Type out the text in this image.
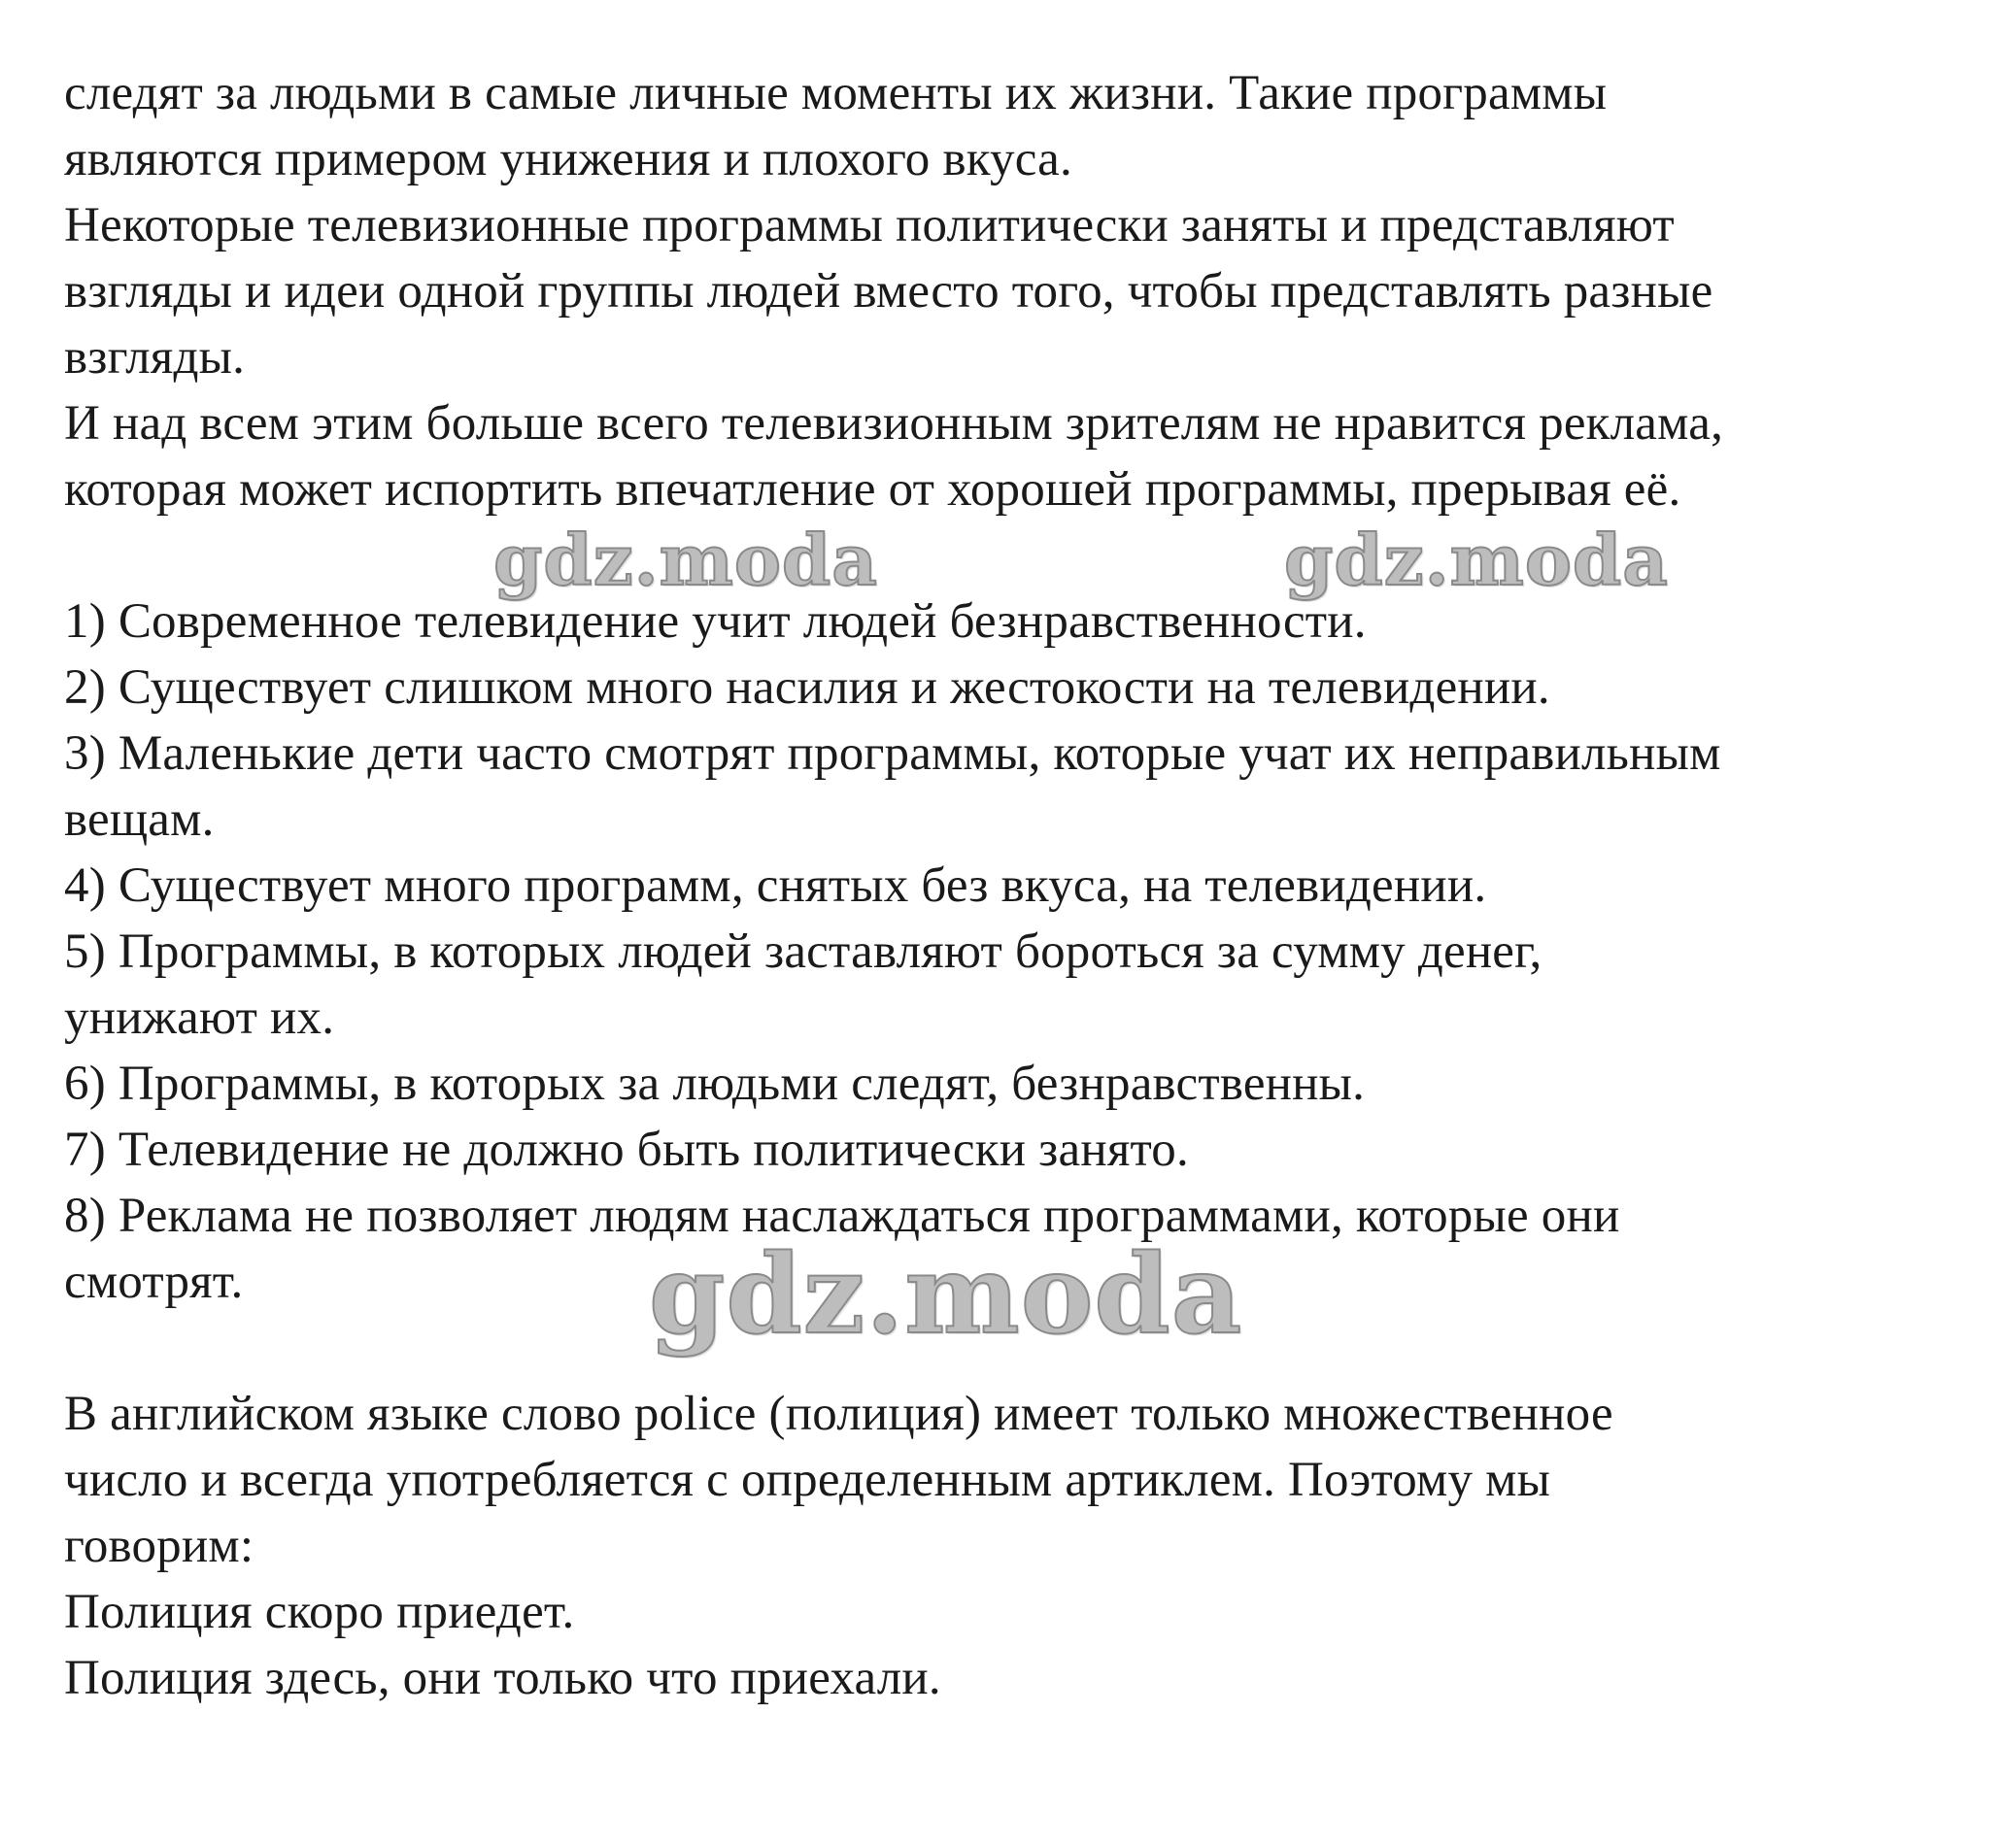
следят за людьми в самые личные моменты их жизни. Такие программы
являются примером унижения и плохого вкуса.
Некоторые телевизионные программы политически заняты и представляют
взгляды и идеи одной группы людей вместо того, чтобы представлять разные
взгляды.
И над всем этим больше всего телевизионным зрителям не нравится реклама,
которая может испортить впечатление от хорошей программы, прерывая её.
1) Современное телевидение учит людей безнравственности.
2) Существует слишком много насилия и жестокости на телевидении.
3) Маленькие дети часто смотрят программы, которые учат их неправильным
вещам.
4) Существует много программ, снятых без вкуса, на телевидении.
5) Программы, в которых людей заставляют бороться за сумму денег,
унижают их.
6) Программы, в которых за людьми следят, безнравственны.
7) Телевидение не должно быть политически занято.
8) Реклама не позволяет людям наслаждаться программами, которые они
смотрят.
В английском языке слово police (полиция) имеет только множественное
число и всегда употребляется с определенным артиклем. Поэтому мы
говорим:
Полиция скоро приедет.
Полиция здесь, они только что приехали.
gdz.moda	gdz.moda
gdz.moda
